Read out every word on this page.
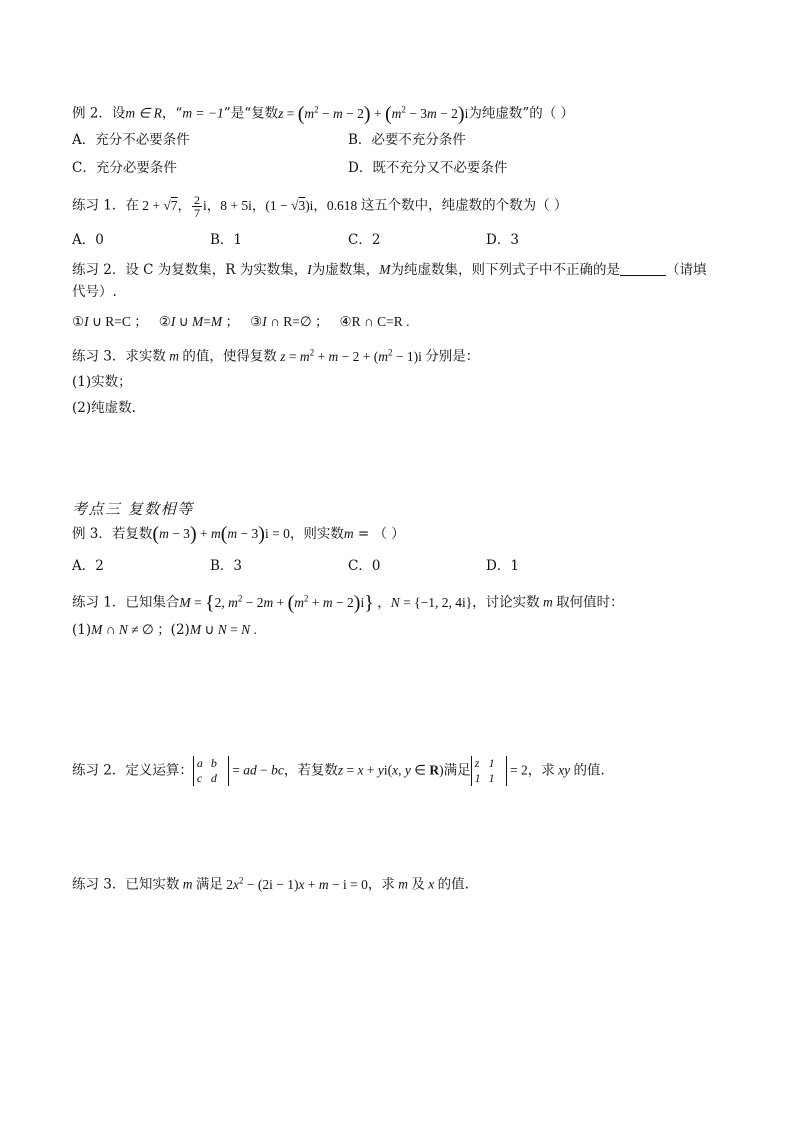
例 2．设m ∈ R，“m = −1”是“复数$z = (m^2 - m - 2) + (m^2 - 3m - 2)i$为纯虚数”的（ ）
A．充分不必要条件	B．必要不充分条件
C．充分必要条件	D．既不充分又不必要条件
练习 1．在 2 + √7， $\frac{2}{7}$ i，8 + 5i，(1 − √3)i，0.618 这五个数中，纯虚数的个数为（ ）
A．0	B．1	C．2	D．3
练习 2．设 C 为复数集，R 为实数集，I为虚数集，M为纯虚数集，则下列式子中不正确的是	（请填
代号）.
①I ∪ R=C ；   ②I ∪ M=M ；   ③I ∩ R=∅ ；   ④R ∩ C=R .
练习 3．求实数 m 的值，使得复数 $z = m^2 + m - 2 + (m^2 - 1)i$ 分别是：
(1)实数；
(2)纯虚数.
考点三 复数相等
例 3．若复数(m − 3) + m(m − 3)i = 0，则实数m = （ ）
A．2	B．3	C．0	D．1
练习 1．已知集合M = {2, $m^2 - 2m + (m^2 + m - 2)i$} ，N = {−1, 2, 4i}，讨论实数 m 取何值时：
(1)M ∩ N ≠ ∅ ；(2)M ∪ N = N .
练习 2．定义运算： a b
c d
= ad − bc，若复数z = x + yi(x, y ∈ R)满足 z 1
1 1
= 2，求 xy 的值.
练习 3．已知实数 m 满足 $2x^2 - (2i - 1)x + m - i = 0$，求 m 及 x 的值.
